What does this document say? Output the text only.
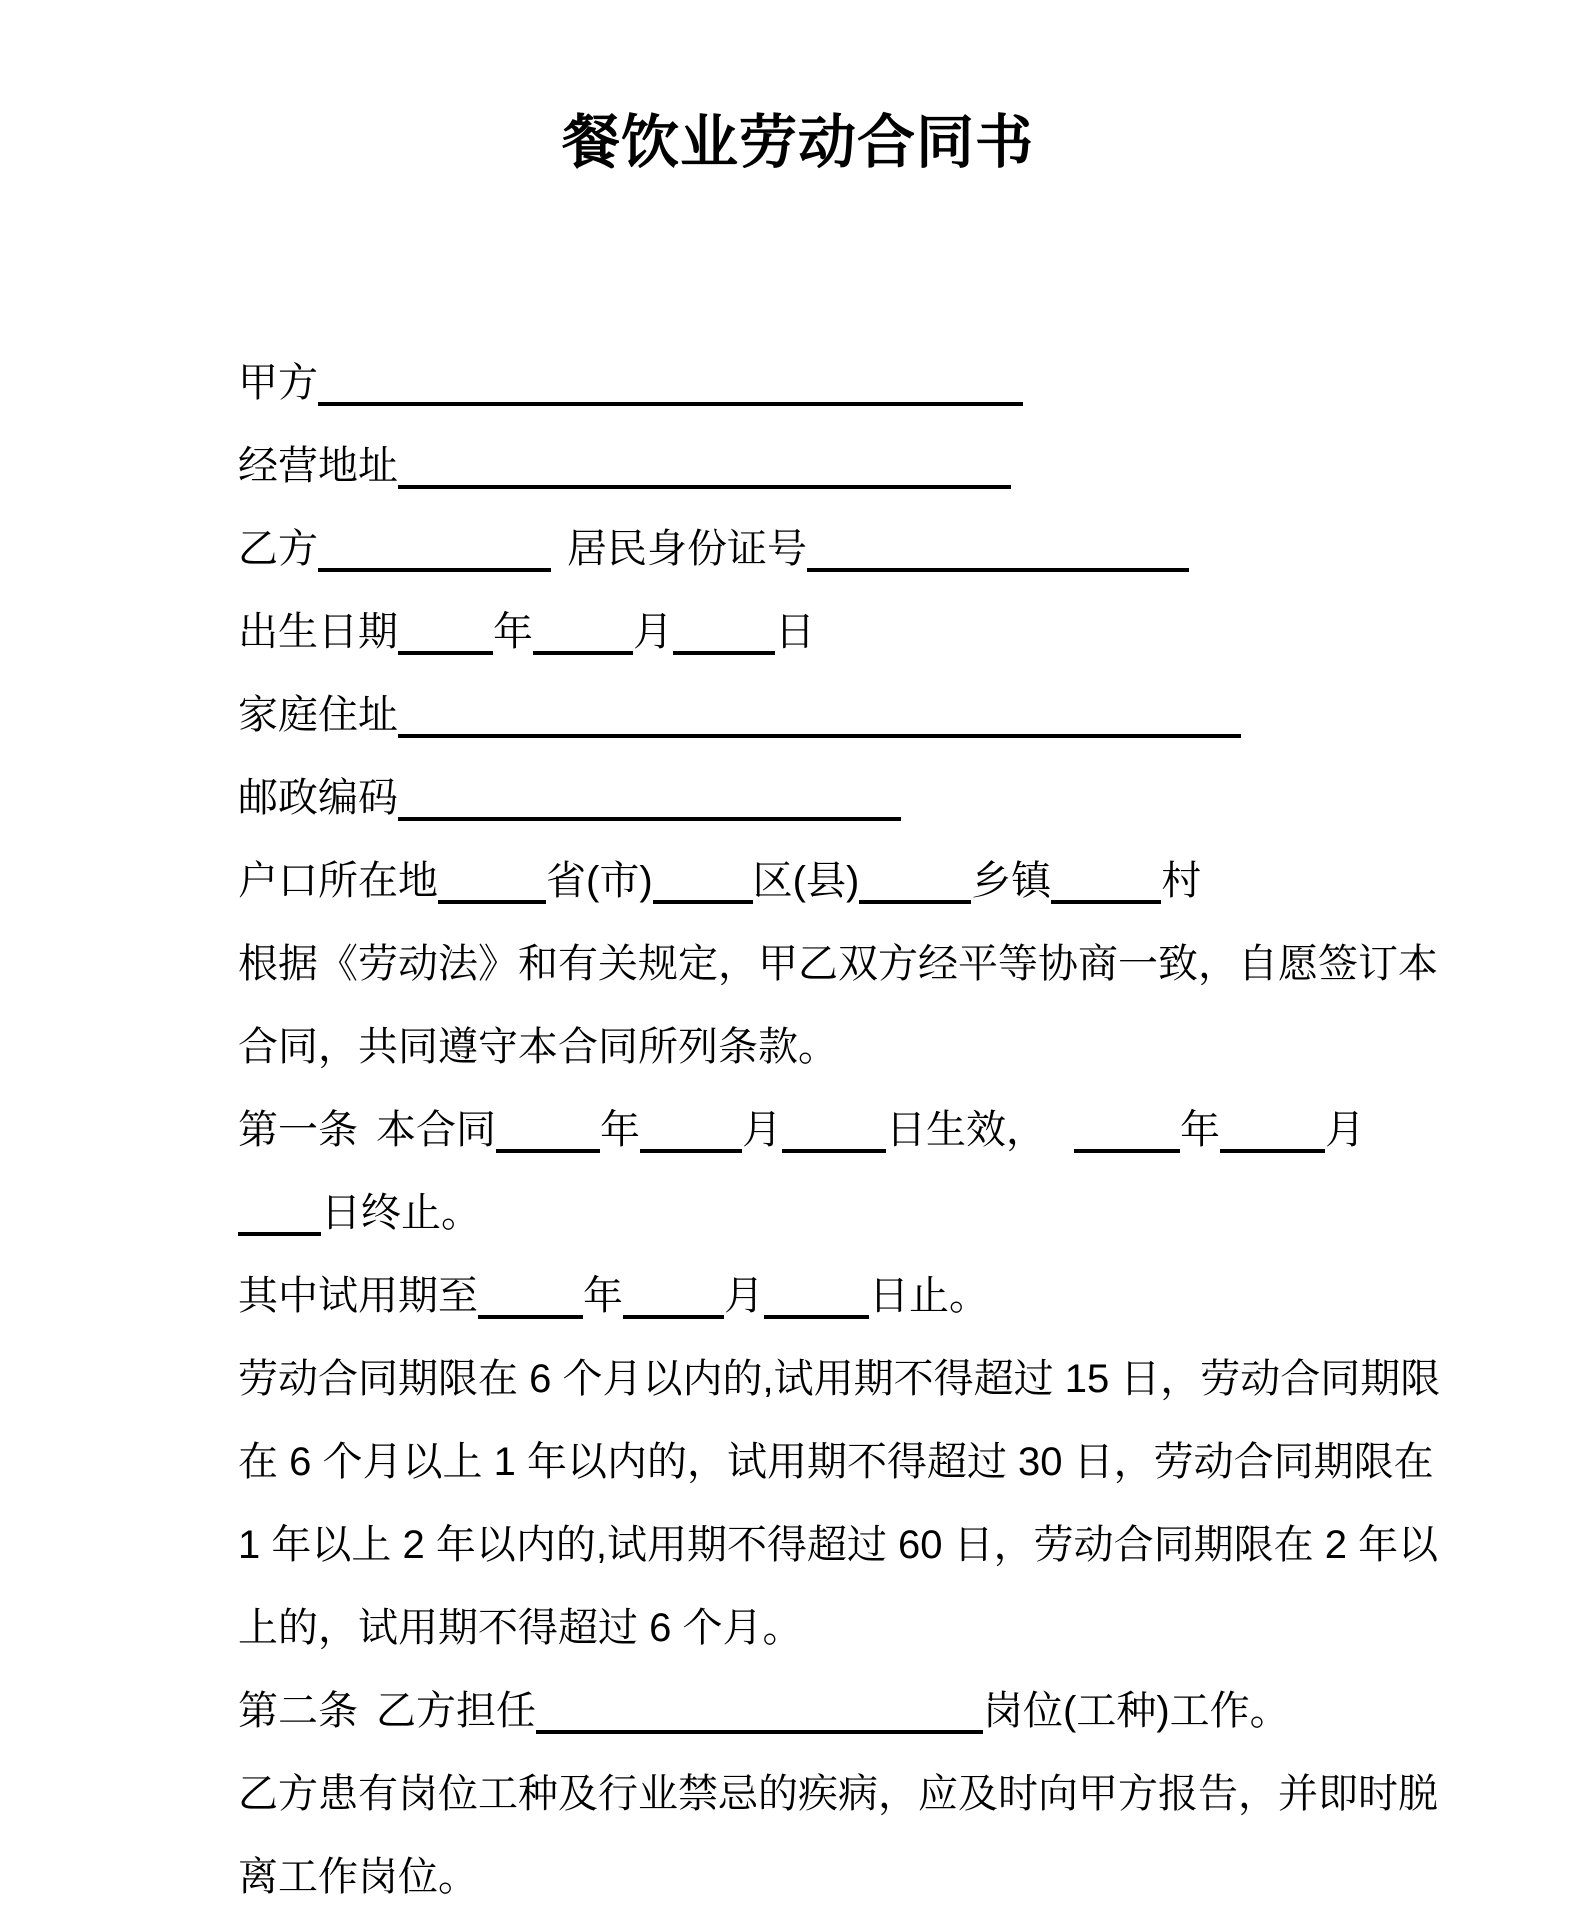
餐饮业劳动合同书
甲方
经营地址
乙方	居民身份证号
出生日期 年	月	日
家庭住址
邮政编码
户口所在地	省(市)	区(县)	乡镇	村
根据《劳动法》和有关规定，甲乙双方经平等协商一致，自愿签订本
合同，共同遵守本合同所列条款。
第一条 本合同	年	月	日生效，	年	月
日终止。
其中试用期至	年	月	日止。
劳动合同期限在 6 个月以内的,试用期不得超过 15 日，劳动合同期限
在 6 个月以上 1 年以内的，试用期不得超过 30 日，劳动合同期限在
1 年以上 2 年以内的,试用期不得超过 60 日，劳动合同期限在 2 年以
上的，试用期不得超过 6 个月。
第二条 乙方担任	岗位(工种)工作。
乙方患有岗位工种及行业禁忌的疾病，应及时向甲方报告，并即时脱
离工作岗位。
